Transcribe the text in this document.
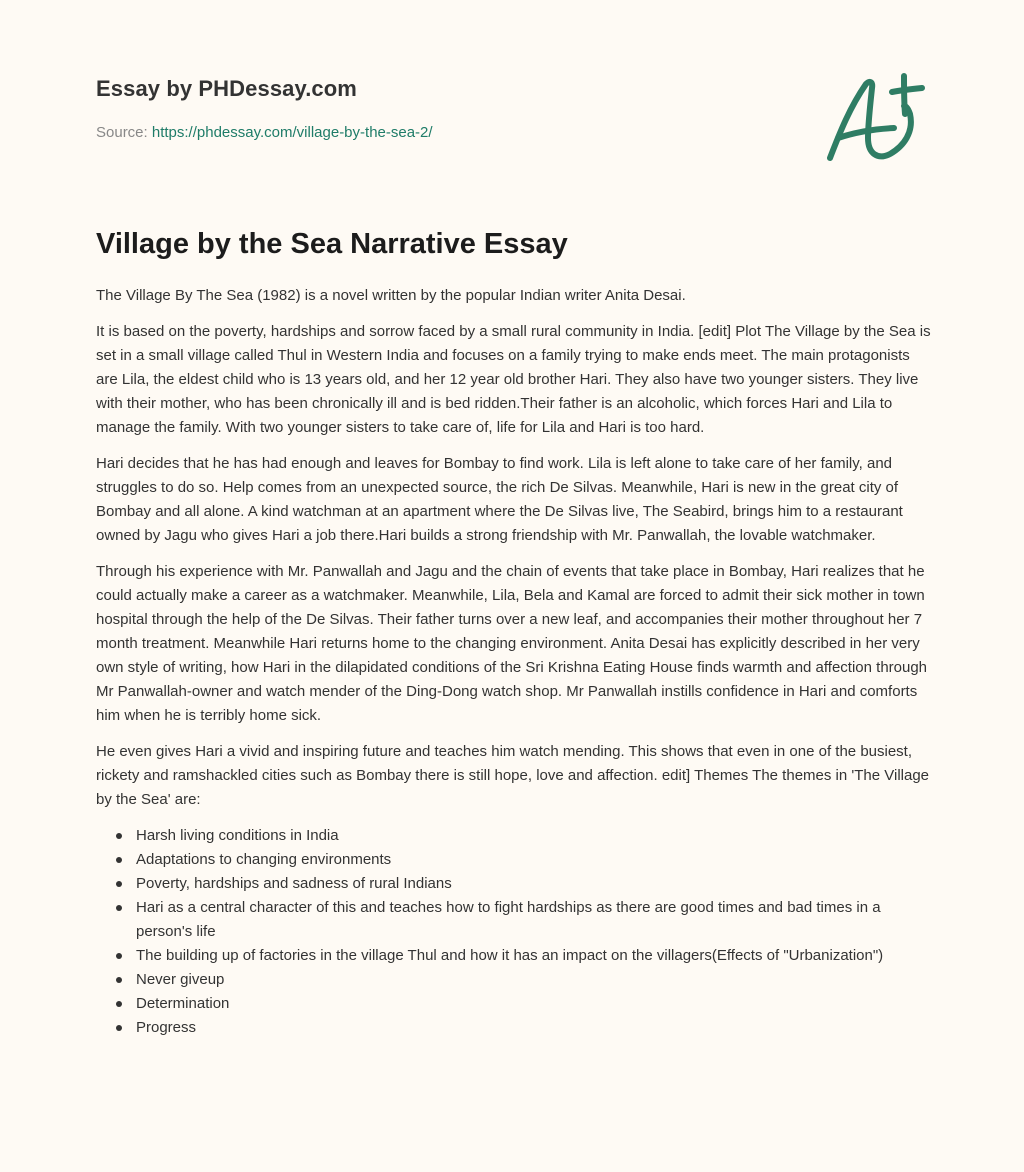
Essay by PHDessay.com

Source: https://phdessay.com/village-by-the-sea-2/

Village by the Sea Narrative Essay

The Village By The Sea (1982) is a novel written by the popular Indian writer Anita Desai.

It is based on the poverty, hardships and sorrow faced by a small rural community in India. [edit] Plot The Village by the Sea is set in a small village called Thul in Western India and focuses on a family trying to make ends meet. The main protagonists are Lila, the eldest child who is 13 years old, and her 12 year old brother Hari. They also have two younger sisters. They live with their mother, who has been chronically ill and is bed ridden.Their father is an alcoholic, which forces Hari and Lila to manage the family. With two younger sisters to take care of, life for Lila and Hari is too hard.

Hari decides that he has had enough and leaves for Bombay to find work. Lila is left alone to take care of her family, and struggles to do so. Help comes from an unexpected source, the rich De Silvas. Meanwhile, Hari is new in the great city of Bombay and all alone. A kind watchman at an apartment where the De Silvas live, The Seabird, brings him to a restaurant owned by Jagu who gives Hari a job there.Hari builds a strong friendship with Mr. Panwallah, the lovable watchmaker.

Through his experience with Mr. Panwallah and Jagu and the chain of events that take place in Bombay, Hari realizes that he could actually make a career as a watchmaker. Meanwhile, Lila, Bela and Kamal are forced to admit their sick mother in town hospital through the help of the De Silvas. Their father turns over a new leaf, and accompanies their mother throughout her 7 month treatment. Meanwhile Hari returns home to the changing environment. Anita Desai has explicitly described in her very own style of writing, how Hari in the dilapidated conditions of the Sri Krishna Eating House finds warmth and affection through Mr Panwallah-owner and watch mender of the Ding-Dong watch shop. Mr Panwallah instills confidence in Hari and comforts him when he is terribly home sick.

He even gives Hari a vivid and inspiring future and teaches him watch mending. This shows that even in one of the busiest, rickety and ramshackled cities such as Bombay there is still hope, love and affection. edit] Themes The themes in 'The Village by the Sea' are:

Harsh living conditions in India
Adaptations to changing environments
Poverty, hardships and sadness of rural Indians
Hari as a central character of this and teaches how to fight hardships as there are good times and bad times in a person's life
The building up of factories in the village Thul and how it has an impact on the villagers(Effects of "Urbanization")
Never giveup
Determination
Progress
